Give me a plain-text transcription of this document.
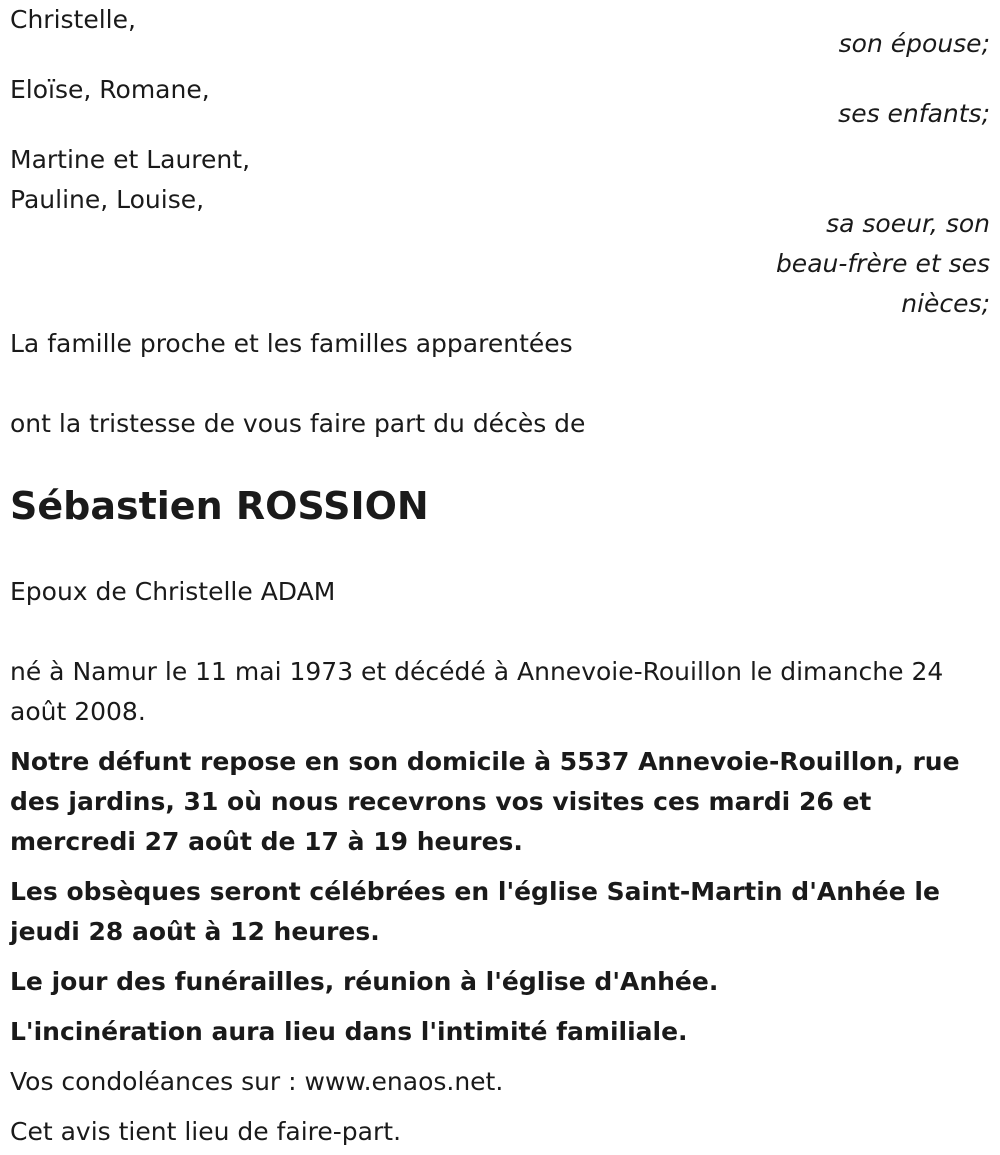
Christelle,
son épouse;
Eloïse, Romane,
ses enfants;
Martine et Laurent,
Pauline, Louise,
sa soeur, son
beau-frère et ses
nièces;
La famille proche et les familles apparentées
ont la tristesse de vous faire part du décès de
Sébastien ROSSION
Epoux de Christelle ADAM
né à Namur le 11 mai 1973 et décédé à Annevoie-Rouillon le dimanche 24 août 2008.
Notre défunt repose en son domicile à 5537 Annevoie-Rouillon, rue des jardins, 31 où nous recevrons vos visites ces mardi 26 et mercredi 27 août de 17 à 19 heures.
Les obsèques seront célébrées en l'église Saint-Martin d'Anhée le jeudi 28 août à 12 heures.
Le jour des funérailles, réunion à l'église d'Anhée.
L'incinération aura lieu dans l'intimité familiale.
Vos condoléances sur : www.enaos.net.
Cet avis tient lieu de faire-part.
